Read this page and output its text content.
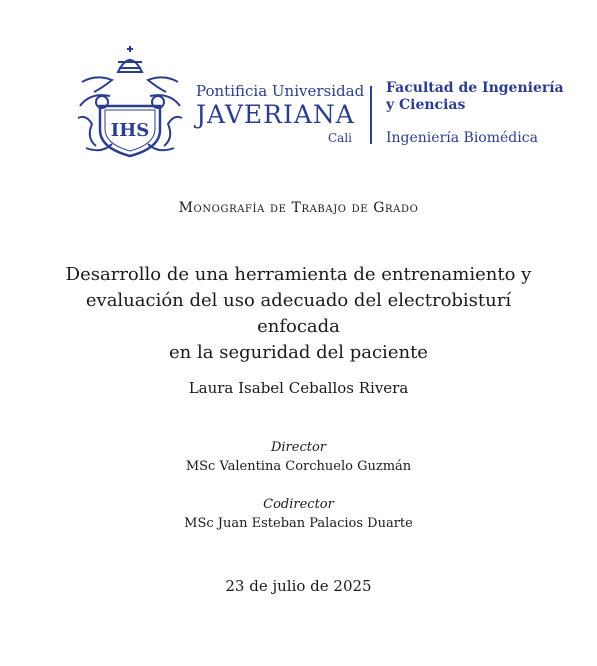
IHS
Pontificia Universidad
JAVERIANA
Cali
Facultad de Ingeniería
y Ciencias
Ingeniería Biomédica
Monografía de Trabajo de Grado
Desarrollo de una herramienta de entrenamiento y
evaluación del uso adecuado del electrobisturí enfocada
en la seguridad del paciente
Laura Isabel Ceballos Rivera
Director
MSc Valentina Corchuelo Guzmán
Codirector
MSc Juan Esteban Palacios Duarte
23 de julio de 2025
